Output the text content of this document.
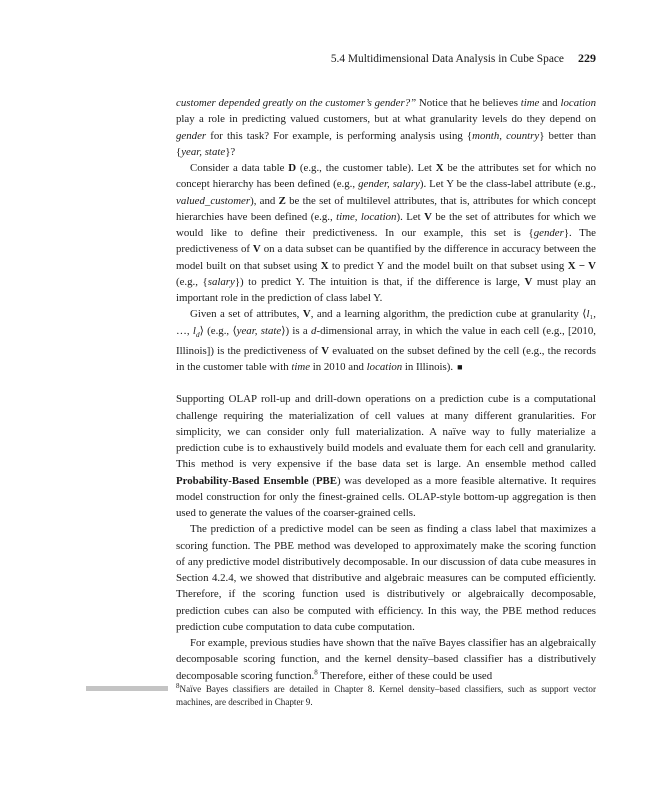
5.4 Multidimensional Data Analysis in Cube Space 229

customer depended greatly on the customer’s gender?” Notice that he believes time and location play a role in predicting valued customers, but at what granularity levels do they depend on gender for this task? For example, is performing analysis using {month, country} better than {year, state}?

Consider a data table D (e.g., the customer table). Let X be the attributes set for which no concept hierarchy has been defined (e.g., gender, salary). Let Y be the class-label attribute (e.g., valued_customer), and Z be the set of multilevel attributes, that is, attributes for which concept hierarchies have been defined (e.g., time, location). Let V be the set of attributes for which we would like to define their predictiveness. In our example, this set is {gender}. The predictiveness of V on a data subset can be quantified by the difference in accuracy between the model built on that subset using X to predict Y and the model built on that subset using X − V (e.g., {salary}) to predict Y. The intuition is that, if the difference is large, V must play an important role in the prediction of class label Y.

Given a set of attributes, V, and a learning algorithm, the prediction cube at granularity ⟨l₁, …, $l_d⟩$ (e.g., ⟨year, state⟩) is a d-dimensional array, in which the value in each cell (e.g., [2010, Illinois]) is the predictiveness of V evaluated on the subset defined by the cell (e.g., the records in the customer table with time in 2010 and location in Illinois). ■

Supporting OLAP roll-up and drill-down operations on a prediction cube is a computational challenge requiring the materialization of cell values at many different granularities. For simplicity, we can consider only full materialization. A naïve way to fully materialize a prediction cube is to exhaustively build models and evaluate them for each cell and granularity. This method is very expensive if the base data set is large. An ensemble method called Probability-Based Ensemble (PBE) was developed as a more feasible alternative. It requires model construction for only the finest-grained cells. OLAP-style bottom-up aggregation is then used to generate the values of the coarser-grained cells.

The prediction of a predictive model can be seen as finding a class label that maximizes a scoring function. The PBE method was developed to approximately make the scoring function of any predictive model distributively decomposable. In our discussion of data cube measures in Section 4.2.4, we showed that distributive and algebraic measures can be computed efficiently. Therefore, if the scoring function used is distributively or algebraically decomposable, prediction cubes can also be computed with efficiency. In this way, the PBE method reduces prediction cube computation to data cube computation.

For example, previous studies have shown that the naïve Bayes classifier has an algebraically decomposable scoring function, and the kernel density–based classifier has a distributively decomposable scoring function.$^8$ Therefore, either of these could be used

$^8$Naïve Bayes classifiers are detailed in Chapter 8. Kernel density–based classifiers, such as support vector machines, are described in Chapter 9.
